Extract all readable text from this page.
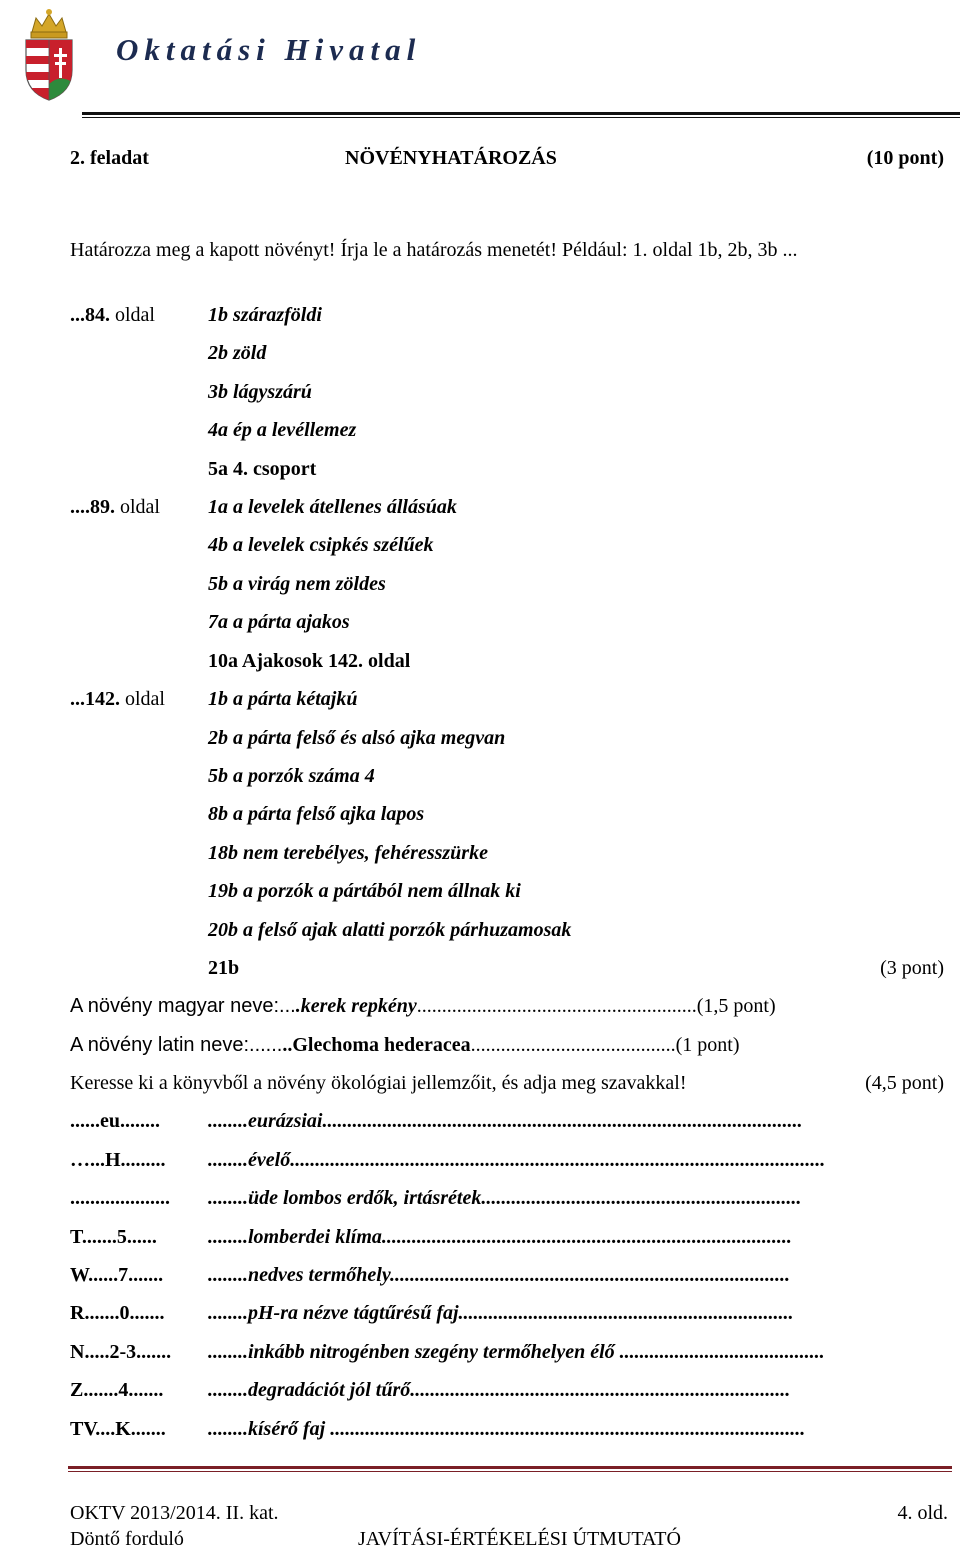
Oktatási Hivatal
2. feladat	NÖVÉNYHATÁROZÁS	(10 pont)
Határozza meg a kapott növényt! Írja le a határozás menetét! Például: 1. oldal 1b, 2b, 3b ...
...84. oldal	1b szárazföldi
2b zöld
3b lágyszárú
4a ép a levéllemez
5a 4. csoport
....89. oldal 1a a levelek átellenes állásúak
4b a levelek csipkés szélűek
5b a virág nem zöldes
7a a párta ajakos
10a Ajakosok 142. oldal
...142. oldal 1b a párta kétajkú
2b a párta felső és alsó ajka megvan
5b a porzók száma 4
8b a párta felső ajka lapos
18b nem terebélyes, fehéresszürke
19b a porzók a pártából nem állnak ki
20b a felső ajak alatti porzók párhuzamosak
21b	(3 pont)
A növény magyar neve:....kerek repkény........................................................(1,5 pont)
A növény latin neve:........Glechoma hederacea.........................................(1 pont)
Keresse ki a könyvből a növény ökológiai jellemzőit, és adja meg szavakkal!	(4,5 pont)
......eu........ ........eurázsiai................................................................................................
…...H......... ........évelő...........................................................................................................
.................... ........üde lombos erdők, irtásrétek................................................................
T.......5......	........lomberdei klíma..................................................................................
W......7....... ........nedves termőhely................................................................................
R.......0....... ........pH-ra nézve tágtűrésű faj...................................................................
N.....2-3....... ........inkább nitrogénben szegény termőhelyen élő .........................................
Z.......4....... ........degradációt jól tűrő............................................................................
TV....K....... ........kísérő faj ...............................................................................................
OKTV 2013/2014. II. kat.
Döntő forduló	JAVÍTÁSI-ÉRTÉKELÉSI ÚTMUTATÓ
4. old.
